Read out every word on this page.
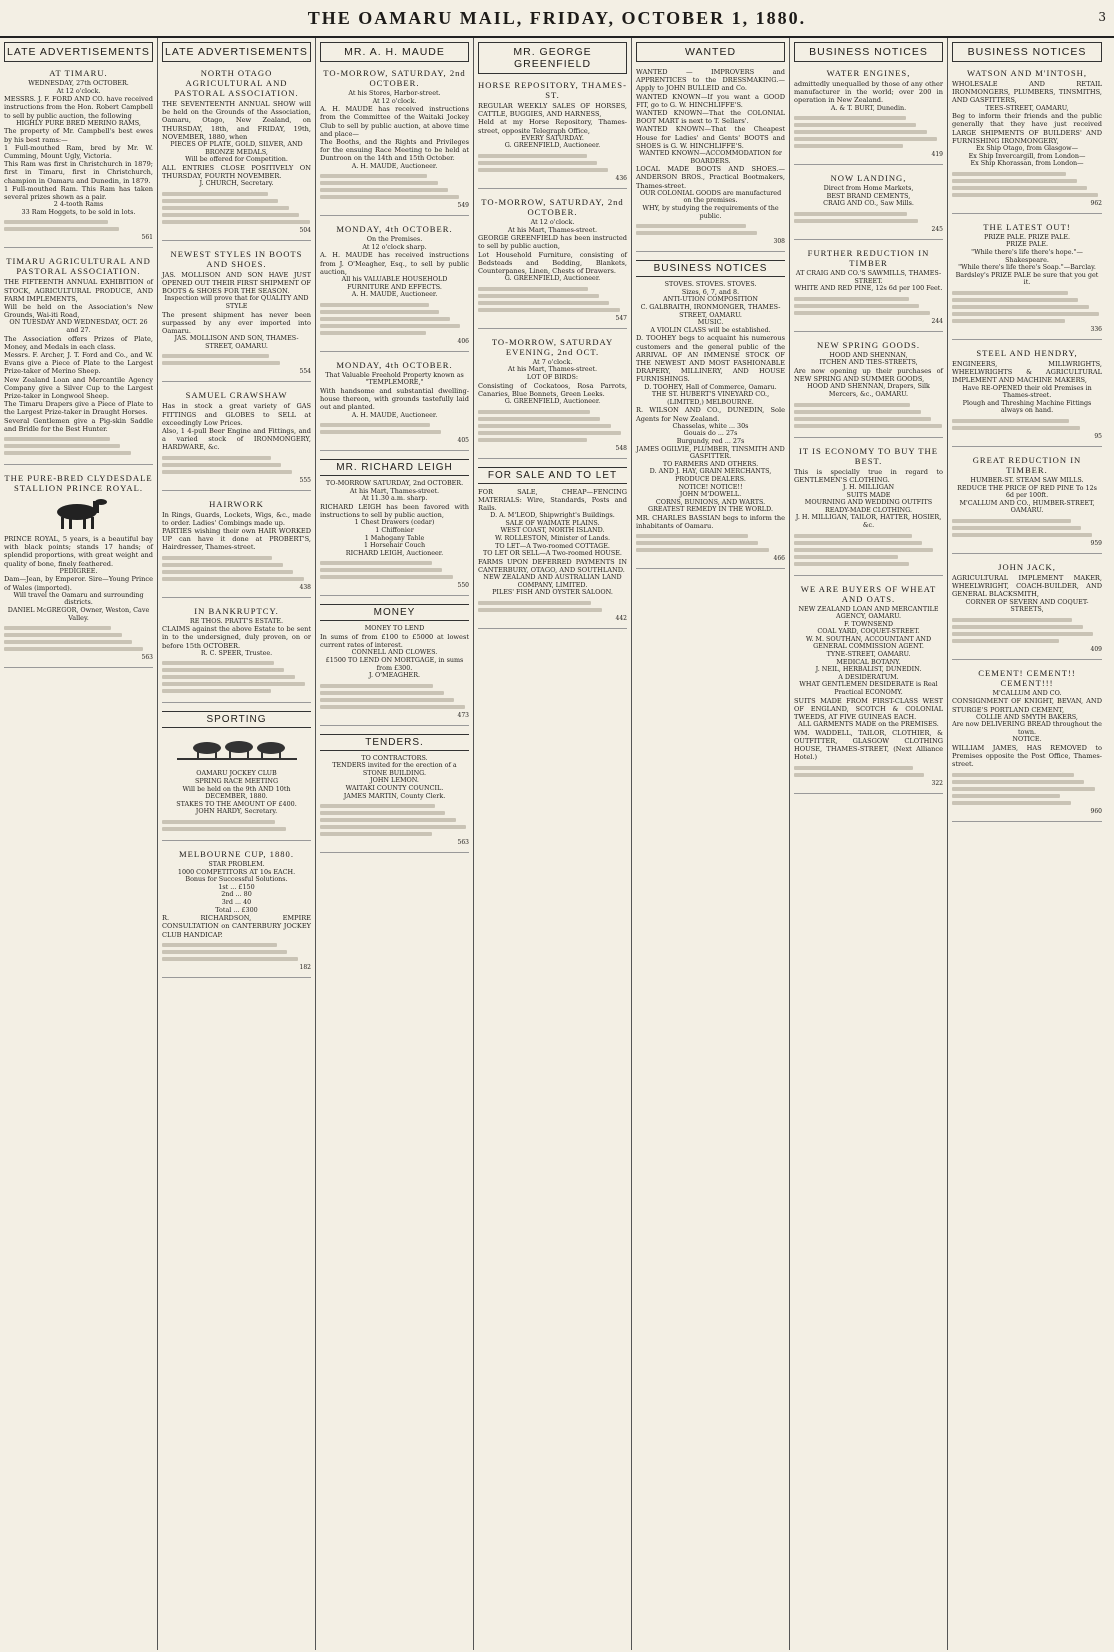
THE OAMARU MAIL, FRIDAY, OCTOBER 1, 1880.	3
LATE ADVERTISEMENTS
AT TIMARU.
WEDNESDAY, 27th OCTOBER.
At 12 o'clock.
MESSRS. J. F. FORD AND CO. have received instructions from the Hon. Robert Campbell to sell by public auction, the following
HIGHLY PURE BRED MERINO RAMS,
The property of Mr. Campbell's best ewes by his best rams:—
1 Full-mouthed Ram, bred by Mr. W. Cumming, Mount Ugly, Victoria.
This Ram was first in Christchurch in 1879; first in Timaru, first in Christchurch, champion in Oamaru and Dunedin, in 1879.
1 Full-mouthed Ram. This Ram has taken several prizes shown as a pair.
2 4-tooth Rams
33 Ram Hoggets, to be sold in lots.
561
TIMARU AGRICULTURAL AND PASTORAL ASSOCIATION.
THE FIFTEENTH ANNUAL EXHIBITION of STOCK, AGRICULTURAL PRODUCE, AND FARM IMPLEMENTS,
Will be held on the Association's New Grounds, Wai-iti Road,
ON TUESDAY AND WEDNESDAY, OCT. 26 and 27.
The Association offers Prizes of Plate, Money, and Medals in each class.
Messrs. F. Archer, J. T. Ford and Co., and W. Evans give a Piece of Plate to the Largest Prize-taker of Merino Sheep.
New Zealand Loan and Mercantile Agency Company give a Silver Cup to the Largest Prize-taker in Longwool Sheep.
The Timaru Drapers give a Piece of Plate to the Largest Prize-taker in Draught Horses.
Several Gentlemen give a Pig-skin Saddle and Bridle for the Best Hunter.
THE PURE-BRED CLYDESDALE STALLION PRINCE ROYAL.
PRINCE ROYAL, 5 years, is a beautiful bay with black points; stands 17 hands; of splendid proportions, with great weight and quality of bone, finely feathered.
PEDIGREE.
Dam—Jean, by Emperor. Sire—Young Prince of Wales (imported).
Will travel the Oamaru and surrounding districts.
DANIEL McGREGOR, Owner, Weston, Cave Valley.
563
LATE ADVERTISEMENTS
NORTH OTAGO AGRICULTURAL AND PASTORAL ASSOCIATION.
THE SEVENTEENTH ANNUAL SHOW will be held on the Grounds of the Association, Oamaru, Otago, New Zealand, on THURSDAY, 18th, and FRIDAY, 19th, NOVEMBER, 1880, when
PIECES OF PLATE, GOLD, SILVER, AND BRONZE MEDALS,
Will be offered for Competition.
ALL ENTRIES CLOSE POSITIVELY ON THURSDAY, FOURTH NOVEMBER.
J. CHURCH, Secretary.
504
NEWEST STYLES IN BOOTS AND SHOES.
JAS. MOLLISON AND SON HAVE JUST OPENED OUT THEIR FIRST SHIPMENT OF BOOTS & SHOES FOR THE SEASON.
Inspection will prove that for QUALITY AND STYLE
The present shipment has never been surpassed by any ever imported into Oamaru.
JAS. MOLLISON AND SON, THAMES-STREET, OAMARU.
554
SAMUEL CRAWSHAW
Has in stock a great variety of GAS FITTINGS and GLOBES to SELL at exceedingly Low Prices.
Also, 1 4-pull Beer Engine and Fittings, and a varied stock of IRONMONGERY, HARDWARE, &c.
555
HAIRWORK
In Rings, Guards, Lockets, Wigs, &c., made to order. Ladies' Combings made up.
PARTIES wishing their own HAIR WORKED UP can have it done at PROBERT'S, Hairdresser, Thames-street.
438
IN BANKRUPTCY.
RE THOS. PRATT'S ESTATE.
CLAIMS against the above Estate to be sent in to the undersigned, duly proven, on or before 15th OCTOBER.
R. C. SPEER, Trustee.
SPORTING
OAMARU JOCKEY CLUB
SPRING RACE MEETING
Will be held on the 9th AND 10th DECEMBER, 1880.
STAKES TO THE AMOUNT OF £400.
JOHN HARDY, Secretary.
MELBOURNE CUP, 1880.
STAR PROBLEM.
1000 COMPETITORS AT 10s EACH.
Bonus for Successful Solutions.
1st ... £150
2nd ... 80
3rd ... 40
Total ... £300
R. RICHARDSON, EMPIRE CONSULTATION on CANTERBURY JOCKEY CLUB HANDICAP.
182
MR. A. H. MAUDE
TO-MORROW, SATURDAY, 2nd OCTOBER.
At his Stores, Harbor-street.
At 12 o'clock.
A. H. MAUDE has received instructions from the Committee of the Waitaki Jockey Club to sell by public auction, at above time and place—
The Booths, and the Rights and Privileges for the ensuing Race Meeting to be held at Duntroon on the 14th and 15th October.
A. H. MAUDE, Auctioneer.
549
MONDAY, 4th OCTOBER.
On the Premises.
At 12 o'clock sharp.
A. H. MAUDE has received instructions from J. O'Meagher, Esq., to sell by public auction,
All his VALUABLE HOUSEHOLD FURNITURE AND EFFECTS.
A. H. MAUDE, Auctioneer.
406
MONDAY, 4th OCTOBER.
That Valuable Freehold Property known as "TEMPLEMORE,"
With handsome and substantial dwelling-house thereon, with grounds tastefully laid out and planted.
A. H. MAUDE, Auctioneer.
405
MR. RICHARD LEIGH
TO-MORROW SATURDAY, 2nd OCTOBER.
At his Mart, Thames-street.
At 11.30 a.m. sharp.
RICHARD LEIGH has been favored with instructions to sell by public auction,
1 Chest Drawers (cedar)
1 Chiffonier
1 Mahogany Table
1 Horsehair Couch
RICHARD LEIGH, Auctioneer.
550
MONEY
MONEY TO LEND
In sums of from £100 to £5000 at lowest current rates of interest.
CONNELL AND CLOWES.
£1500 TO LEND ON MORTGAGE, in sums from £300.
J. O'MEAGHER.
473
TENDERS.
TO CONTRACTORS.
TENDERS invited for the erection of a STONE BUILDING.
JOHN LEMON.
WAITAKI COUNTY COUNCIL.
JAMES MARTIN, County Clerk.
563
MR. GEORGE GREENFIELD
HORSE REPOSITORY, THAMES-ST.
REGULAR WEEKLY SALES OF HORSES, CATTLE, BUGGIES, AND HARNESS,
Held at my Horse Repository, Thames-street, opposite Telegraph Office,
EVERY SATURDAY.
G. GREENFIELD, Auctioneer.
436
TO-MORROW, SATURDAY, 2nd OCTOBER.
At 12 o'clock.
At his Mart, Thames-street.
GEORGE GREENFIELD has been instructed to sell by public auction,
Lot Household Furniture, consisting of Bedsteads and Bedding, Blankets, Counterpanes, Linen, Chests of Drawers.
G. GREENFIELD, Auctioneer.
547
TO-MORROW, SATURDAY EVENING, 2nd OCT.
At 7 o'clock.
At his Mart, Thames-street.
LOT OF BIRDS:
Consisting of Cockatoos, Rosa Parrots, Canaries, Blue Bonnets, Green Leeks.
G. GREENFIELD, Auctioneer.
548
FOR SALE AND TO LET
FOR SALE, CHEAP—FENCING MATERIALS: Wire, Standards, Posts and Rails.
D. A. M'LEOD, Shipwright's Buildings.
SALE OF WAIMATE PLAINS.
WEST COAST, NORTH ISLAND.
W. ROLLESTON, Minister of Lands.
TO LET—A Two-roomed COTTAGE.
TO LET OR SELL—A Two-roomed HOUSE.
FARMS UPON DEFERRED PAYMENTS IN CANTERBURY, OTAGO, AND SOUTHLAND.
NEW ZEALAND AND AUSTRALIAN LAND COMPANY, LIMITED.
PILES' FISH AND OYSTER SALOON.
442
WANTED
WANTED — IMPROVERS and APPRENTICES to the DRESSMAKING.—Apply to JOHN BULLEID and Co.
WANTED KNOWN—If you want a GOOD FIT, go to G. W. HINCHLIFFE'S.
WANTED KNOWN—That the COLONIAL BOOT MART is next to T. Sellars'.
WANTED KNOWN—That the Cheapest House for Ladies' and Gents' BOOTS and SHOES is G. W. HINCHLIFFE'S.
WANTED KNOWN—ACCOMMODATION for BOARDERS.
LOCAL MADE BOOTS AND SHOES.—ANDERSON BROS., Practical Bootmakers, Thames-street.
OUR COLONIAL GOODS are manufactured on the premises.
WHY, by studying the requirements of the public.
308
BUSINESS NOTICES
STOVES. STOVES. STOVES.
Sizes, 6, 7, and 8.
ANTI-UTION COMPOSITION
C. GALBRAITH, IRONMONGER, THAMES-STREET, OAMARU.
MUSIC.
A VIOLIN CLASS will be established.
D. TOOHEY begs to acquaint his numerous customers and the general public of the ARRIVAL OF AN IMMENSE STOCK OF THE NEWEST AND MOST FASHIONABLE DRAPERY, MILLINERY, AND HOUSE FURNISHINGS.
D. TOOHEY, Hall of Commerce, Oamaru.
THE ST. HUBERT'S VINEYARD CO., (LIMITED,) MELBOURNE.
R. WILSON AND CO., DUNEDIN, Sole Agents for New Zealand.
Chasselas, white ... 30s
Gouais do ... 27s
Burgundy, red ... 27s
JAMES OGILVIE, PLUMBER, TINSMITH AND GASFITTER.
TO FARMERS AND OTHERS.
D. AND J. HAY, GRAIN MERCHANTS, PRODUCE DEALERS.
NOTICE! NOTICE!!
JOHN M'DOWELL.
CORNS, BUNIONS, AND WARTS.
GREATEST REMEDY IN THE WORLD.
MR. CHARLES BASSIAN begs to inform the inhabitants of Oamaru.
466
BUSINESS NOTICES
WATER ENGINES,
admittedly unequalled by those of any other manufacturer in the world; over 200 in operation in New Zealand.
A. & T. BURT, Dunedin.
419
NOW LANDING,
Direct from Home Markets,
BEST BRAND CEMENTS,
CRAIG AND CO., Saw Mills.
245
FURTHER REDUCTION IN TIMBER
AT CRAIG AND CO.'S SAWMILLS, THAMES-STREET.
WHITE AND RED PINE, 12s 6d per 100 Feet.
244
NEW SPRING GOODS.
HOOD AND SHENNAN,
ITCHEN AND TIES-STREETS,
Are now opening up their purchases of NEW SPRING AND SUMMER GOODS,
HOOD AND SHENNAN, Drapers, Silk Mercers, &c., OAMARU.
IT IS ECONOMY TO BUY THE BEST.
This is specially true in regard to GENTLEMEN'S CLOTHING.
J. H. MILLIGAN
SUITS MADE
MOURNING AND WEDDING OUTFITS
READY-MADE CLOTHING.
J. H. MILLIGAN, TAILOR, HATTER, HOSIER, &c.
WE ARE BUYERS OF WHEAT AND OATS.
NEW ZEALAND LOAN AND MERCANTILE AGENCY, OAMARU.
F. TOWNSEND
COAL YARD, COQUET-STREET.
W. M. SOUTHAN, ACCOUNTANT AND GENERAL COMMISSION AGENT.
TYNE-STREET, OAMARU.
MEDICAL BOTANY.
J. NEIL, HERBALIST, DUNEDIN.
A DESIDERATUM.
WHAT GENTLEMEN DESIDERATE is Real Practical ECONOMY.
SUITS MADE FROM FIRST-CLASS WEST OF ENGLAND, SCOTCH & COLONIAL TWEEDS, AT FIVE GUINEAS EACH.
ALL GARMENTS MADE on the PREMISES.
WM. WADDELL, TAILOR, CLOTHIER, & OUTFITTER, GLASGOW CLOTHING HOUSE, THAMES-STREET, (Next Alliance Hotel.)
322
BUSINESS NOTICES
WATSON AND M'INTOSH,
WHOLESALE AND RETAIL IRONMONGERS, PLUMBERS, TINSMITHS, AND GASFITTERS,
TEES-STREET, OAMARU,
Beg to inform their friends and the public generally that they have just received LARGE SHIPMENTS OF BUILDERS' AND FURNISHING IRONMONGERY,
Ex Ship Otago, from Glasgow—
Ex Ship Invercargill, from London—
Ex Ship Khorassan, from London—
962
THE LATEST OUT!
PRIZE PALE. PRIZE PALE.
PRIZE PALE.
"While there's life there's hope."—Shakespeare.
"While there's life there's Soap."—Barclay.
Bardsley's PRIZE PALE be sure that you get it.
336
STEEL AND HENDRY,
ENGINEERS, MILLWRIGHTS, WHEELWRIGHTS & AGRICULTURAL IMPLEMENT AND MACHINE MAKERS,
Have RE-OPENED their old Premises in Thames-street.
Plough and Threshing Machine Fittings always on hand.
95
GREAT REDUCTION IN TIMBER.
HUMBER-ST. STEAM SAW MILLS.
REDUCE THE PRICE OF RED PINE To 12s 6d per 100ft.
M'CALLUM AND CO., HUMBER-STREET, OAMARU.
959
JOHN JACK,
AGRICULTURAL IMPLEMENT MAKER, WHEELWRIGHT, COACH-BUILDER, AND GENERAL BLACKSMITH,
CORNER OF SEVERN AND COQUET-STREETS,
409
CEMENT! CEMENT!! CEMENT!!!
M'CALLUM AND CO.
CONSIGNMENT OF KNIGHT, BEVAN, AND STURGE'S PORTLAND CEMENT,
COLLIE AND SMYTH BAKERS,
Are now DELIVERING BREAD throughout the town.
NOTICE.
WILLIAM JAMES, HAS REMOVED to Premises opposite the Post Office, Thames-street.
960
